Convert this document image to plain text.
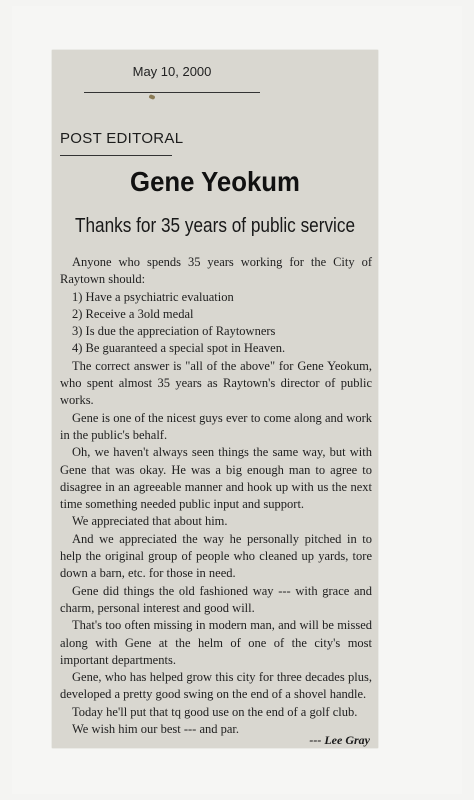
May 10, 2000
POST EDITORAL
Gene Yeokum
Thanks for 35 years of public service

Anyone who spends 35 years working for the City of Raytown should:

1) Have a psychiatric evaluation

2) Receive a 3old medal

3) Is due the appreciation of Raytowners

4) Be guaranteed a special spot in Heaven.

The correct answer is "all of the above" for Gene Yeokum, who spent almost 35 years as Raytown's director of public works.

Gene is one of the nicest guys ever to come along and work in the public's behalf.

Oh, we haven't always seen things the same way, but with Gene that was okay. He was a big enough man to agree to disagree in an agreeable manner and hook up with us the next time something needed public input and support.

We appreciated that about him.

And we appreciated the way he personally pitched in to help the original group of people who cleaned up yards, tore down a barn, etc. for those in need.

Gene did things the old fashioned way --- with grace and charm, personal interest and good will.

That's too often missing in modern man, and will be missed along with Gene at the helm of one of the city's most important departments.

Gene, who has helped grow this city for three decades plus, developed a pretty good swing on the end of a shovel handle.

Today he'll put that tq good use on the end of a golf club.

We wish him our best --- and par.

--- Lee Gray
